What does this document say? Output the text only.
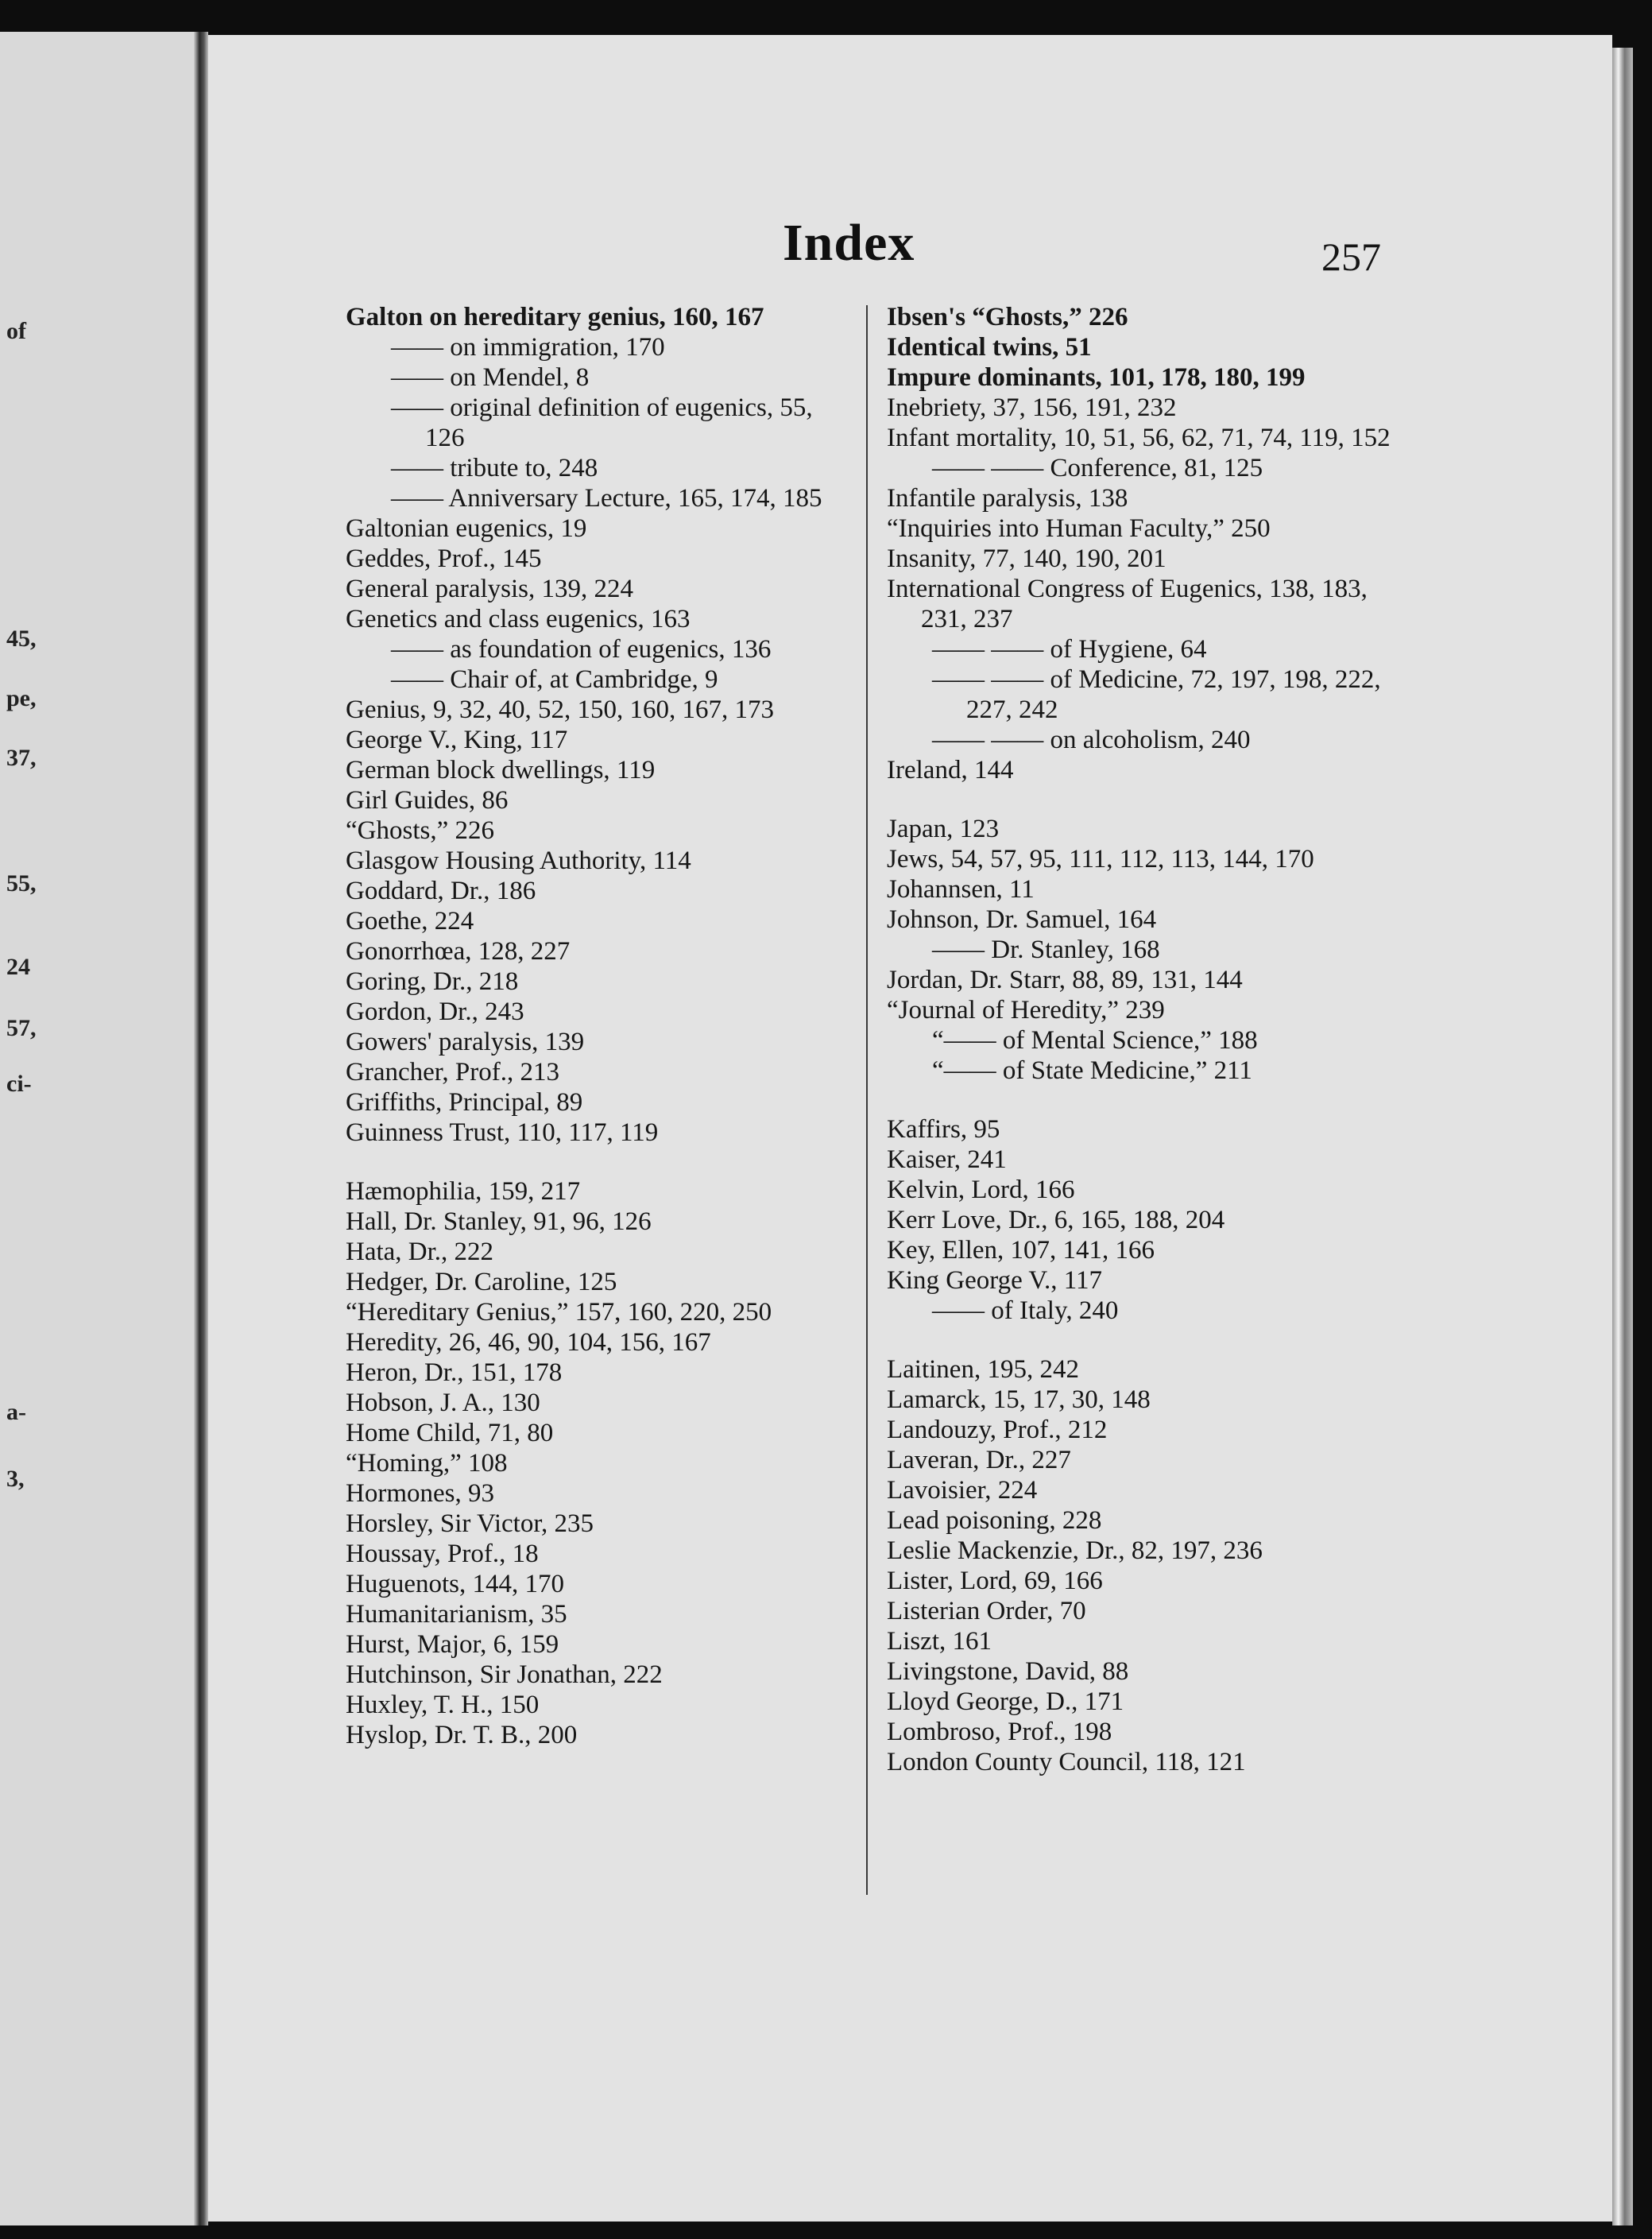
of
45,
pe,
37,
55,
24
57,
ci-
a-
3,
Index	257
Galton on hereditary genius, 160, 167
—— on immigration, 170
—— on Mendel, 8
—— original definition of eugenics, 55, 126
—— tribute to, 248
—— Anniversary Lecture, 165, 174, 185
Galtonian eugenics, 19
Geddes, Prof., 145
General paralysis, 139, 224
Genetics and class eugenics, 163
—— as foundation of eugenics, 136
—— Chair of, at Cambridge, 9
Genius, 9, 32, 40, 52, 150, 160, 167, 173
George V., King, 117
German block dwellings, 119
Girl Guides, 86
“Ghosts,” 226
Glasgow Housing Authority, 114
Goddard, Dr., 186
Goethe, 224
Gonorrhœa, 128, 227
Goring, Dr., 218
Gordon, Dr., 243
Gowers' paralysis, 139
Grancher, Prof., 213
Griffiths, Principal, 89
Guinness Trust, 110, 117, 119
Hæmophilia, 159, 217
Hall, Dr. Stanley, 91, 96, 126
Hata, Dr., 222
Hedger, Dr. Caroline, 125
“Hereditary Genius,” 157, 160, 220, 250
Heredity, 26, 46, 90, 104, 156, 167
Heron, Dr., 151, 178
Hobson, J. A., 130
Home Child, 71, 80
“Homing,” 108
Hormones, 93
Horsley, Sir Victor, 235
Houssay, Prof., 18
Huguenots, 144, 170
Humanitarianism, 35
Hurst, Major, 6, 159
Hutchinson, Sir Jonathan, 222
Huxley, T. H., 150
Hyslop, Dr. T. B., 200
Ibsen's “Ghosts,” 226
Identical twins, 51
Impure dominants, 101, 178, 180, 199
Inebriety, 37, 156, 191, 232
Infant mortality, 10, 51, 56, 62, 71, 74, 119, 152
—— —— Conference, 81, 125
Infantile paralysis, 138
“Inquiries into Human Faculty,” 250
Insanity, 77, 140, 190, 201
International Congress of Eugenics, 138, 183, 231, 237
—— —— of Hygiene, 64
—— —— of Medicine, 72, 197, 198, 222, 227, 242
—— —— on alcoholism, 240
Ireland, 144
Japan, 123
Jews, 54, 57, 95, 111, 112, 113, 144, 170
Johannsen, 11
Johnson, Dr. Samuel, 164
—— Dr. Stanley, 168
Jordan, Dr. Starr, 88, 89, 131, 144
“Journal of Heredity,” 239
“—— of Mental Science,” 188
“—— of State Medicine,” 211
Kaffirs, 95
Kaiser, 241
Kelvin, Lord, 166
Kerr Love, Dr., 6, 165, 188, 204
Key, Ellen, 107, 141, 166
King George V., 117
—— of Italy, 240
Laitinen, 195, 242
Lamarck, 15, 17, 30, 148
Landouzy, Prof., 212
Laveran, Dr., 227
Lavoisier, 224
Lead poisoning, 228
Leslie Mackenzie, Dr., 82, 197, 236
Lister, Lord, 69, 166
Listerian Order, 70
Liszt, 161
Livingstone, David, 88
Lloyd George, D., 171
Lombroso, Prof., 198
London County Council, 118, 121
